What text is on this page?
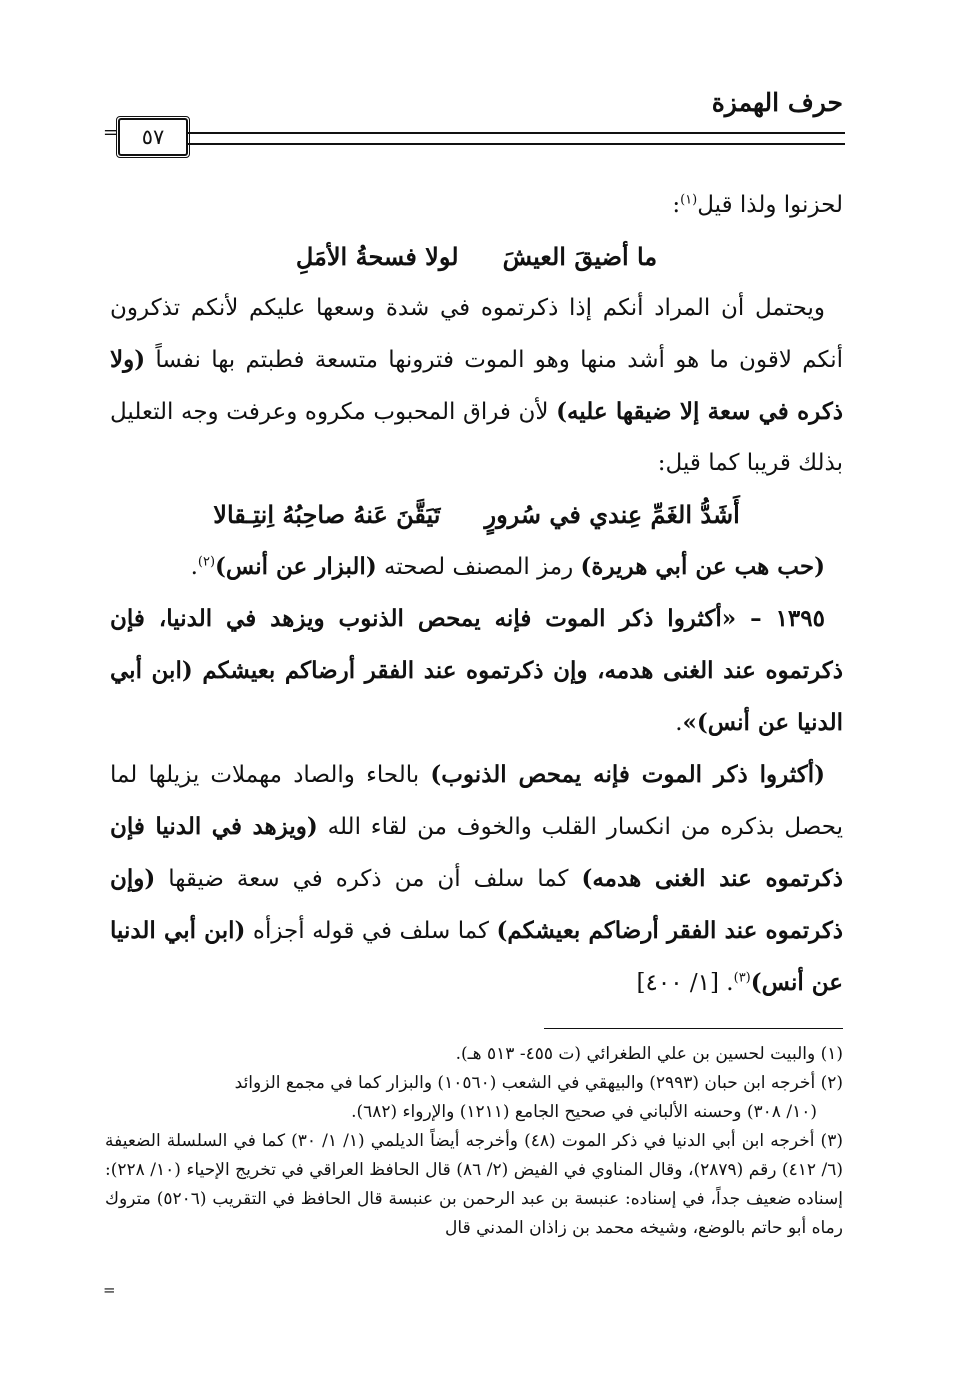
حرف الهمزة
٥٧
=

لحزنوا ولذا قيل$^{(١)}$:

ما أضيقَ العيشَ
لولا فسحةُ الأمَلِ

ويحتمل أن المراد أنكم إذا ذكرتموه في شدة وسعها عليكم لأنكم تذكرون أنكم لاقون ما هو أشد منها وهو الموت فترونها متسعة فطبتم بها نفساً (ولا ذكره في سعة إلا ضيقها عليه) لأن فراق المحبوب مكروه وعرفت وجه التعليل بذلك قريبا كما قيل:

أَشَدُّ الغَمِّ عِندي في سُرورٍ
تَيَقَّنَ عَنهُ صاحِبُهُ اِنتِـقالا

(حب هب عن أبي هريرة) رمز المصنف لصحته (البزار عن أنس)$^{(٢)}$.

١٣٩٥ – «أكثروا ذكر الموت فإنه يمحص الذنوب ويزهد في الدنيا، فإن ذكرتموه عند الغنى هدمه، وإن ذكرتموه عند الفقر أرضاكم بعيشكم (ابن أبي الدنيا عن أنس)».

(أكثروا ذكر الموت فإنه يمحص الذنوب) بالحاء والصاد مهملات يزيلها لما يحصل بذكره من انكسار القلب والخوف من لقاء الله (ويزهد في الدنيا فإن ذكرتموه عند الغنى هدمه) كما سلف أن من ذكره في سعة ضيقها (وإن ذكرتموه عند الفقر أرضاكم بعيشكم) كما سلف في قوله أجزأه (ابن أبي الدنيا عن أنس)$^{(٣)}$. [١/ ٤٠٠]

(١) والبيت لحسين بن علي الطغرائي (ت ٤٥٥- ٥١٣ هـ).

(٢) أخرجه ابن حبان (٢٩٩٣) والبيهقي في الشعب (١٠٥٦٠) والبزار كما في مجمع الزوائد

(١٠/ ٣٠٨) وحسنه الألباني في صحيح الجامع (١٢١١) والإرواء (٦٨٢).

(٣) أخرجه ابن أبي الدنيا في ذكر الموت (٤٨) وأخرجه أيضاً الديلمي (١/ ١/ ٣٠) كما في السلسلة الضعيفة (٦/ ٤١٢) رقم (٢٨٧٩)، وقال المناوي في الفيض (٢/ ٨٦) قال الحافظ العراقي في تخريج الإحياء (١٠/ ٢٢٨): إسناده ضعيف جداً، في إسناده: عنبسة بن عبد الرحمن بن عنبسة قال الحافظ في التقريب (٥٢٠٦) متروك رماه أبو حاتم بالوضع، وشيخه محمد بن زاذان المدني قال

=
